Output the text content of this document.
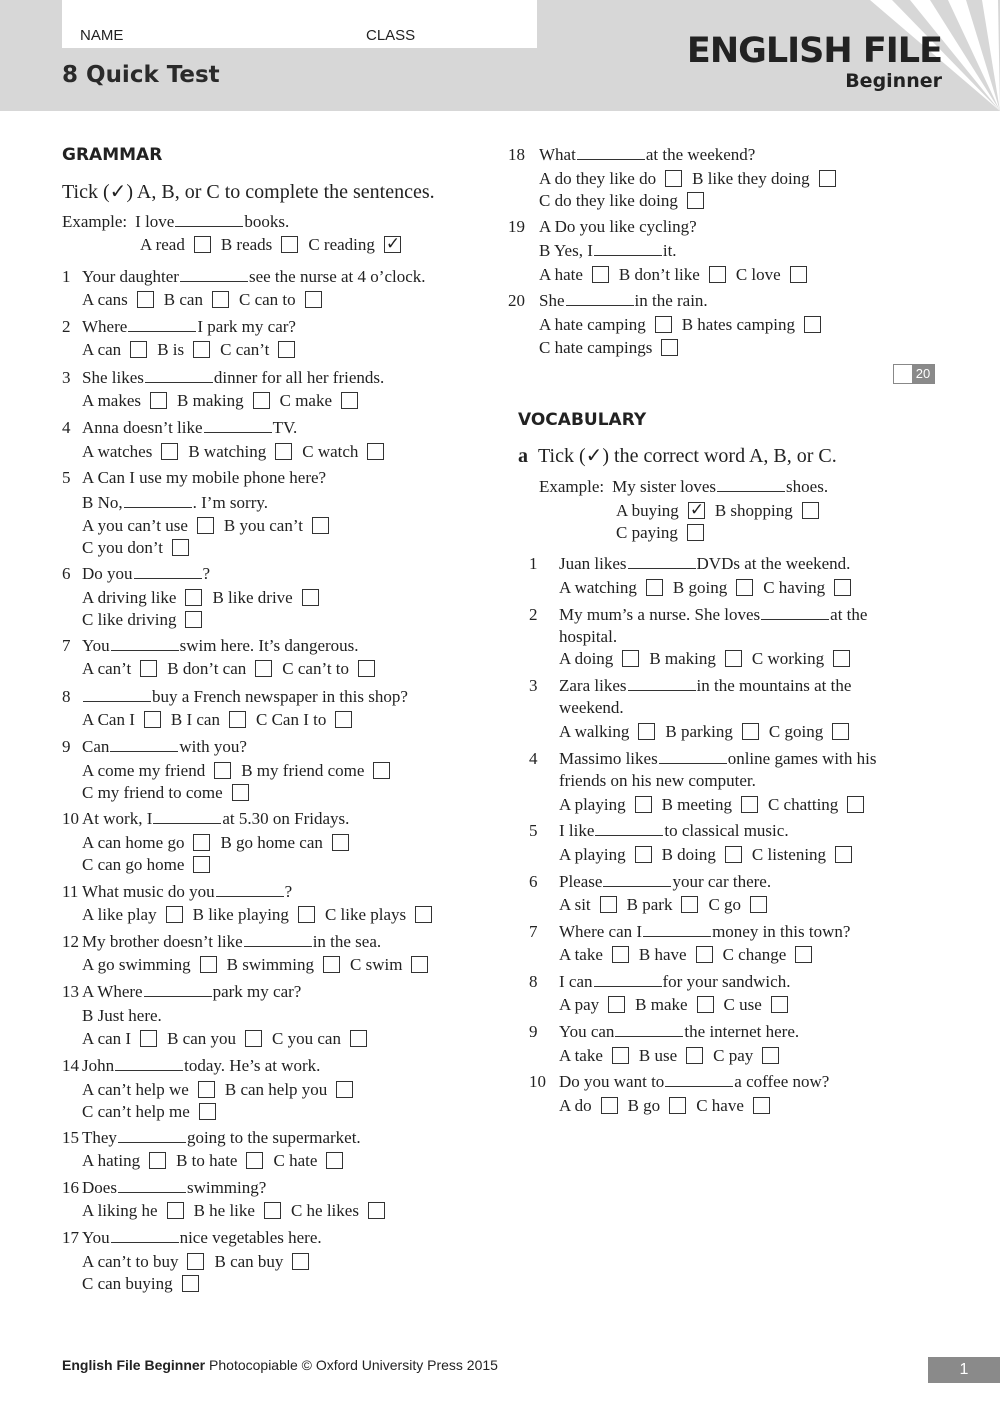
NAME	CLASS
8 Quick Test
ENGLISH FILE
Beginner
GRAMMAR
Tick (✓) A, B, or C to complete the sentences.
Example: I love	books.
A read B reads C reading ✓
1 Your daughter	see the nurse at 4 o’clock.
A cans B can C can to
2 Where	I park my car?
A can B is C can’t
3 She likes	dinner for all her friends.
A makes B making C make
4 Anna doesn’t like	TV.
A watches B watching C watch
5 A Can I use my mobile phone here?
B No,	. I’m sorry.
A you can’t use B you can’t
C you don’t
6 Do you	?
A driving like B like drive
C like driving
7 You	swim here. It’s dangerous.
A can’t B don’t can C can’t to
8	buy a French newspaper in this shop?
A Can I B I can C Can I to
9 Can	with you?
A come my friend B my friend come
C my friend to come
10 At work, I	at 5.30 on Fridays.
A can home go B go home can
C can go home
11 What music do you	?
A like play B like playing C like plays
12 My brother doesn’t like	in the sea.
A go swimming B swimming C swim
13 A Where	park my car?
B Just here.
A can I B can you C you can
14 John	today. He’s at work.
A can’t help we B can help you
C can’t help me
15 They	going to the supermarket.
A hating B to hate C hate
16 Does	swimming?
A liking he B he like C he likes
17 You	nice vegetables here.
A can’t to buy B can buy
C can buying
18 What	at the weekend?
A do they like do B like they doing
C do they like doing
19 A Do you like cycling?
B Yes, I	it.
A hate B don’t like C love
20 She	in the rain.
A hate camping B hates camping
C hate campings
VOCABULARY
a Tick (✓) the correct word A, B, or C.
Example: My sister loves	shoes.
A buying ✓ B shopping
C paying
1 Juan likes	DVDs at the weekend.
A watching B going C having
2 My mum’s a nurse. She loves	at the
hospital.
A doing B making C working
3 Zara likes	in the mountains at the
weekend.
A walking B parking C going
4 Massimo likes	online games with his
friends on his new computer.
A playing B meeting C chatting
5 I like	to classical music.
A playing B doing C listening
6 Please	your car there.
A sit B park C go
7 Where can I	money in this town?
A take B have C change
8 I can	for your sandwich.
A pay B make C use
9 You can	the internet here.
A take B use C pay
10 Do you want to	a coffee now?
A do B go C have
20
English File Beginner Photocopiable © Oxford University Press 2015	1
